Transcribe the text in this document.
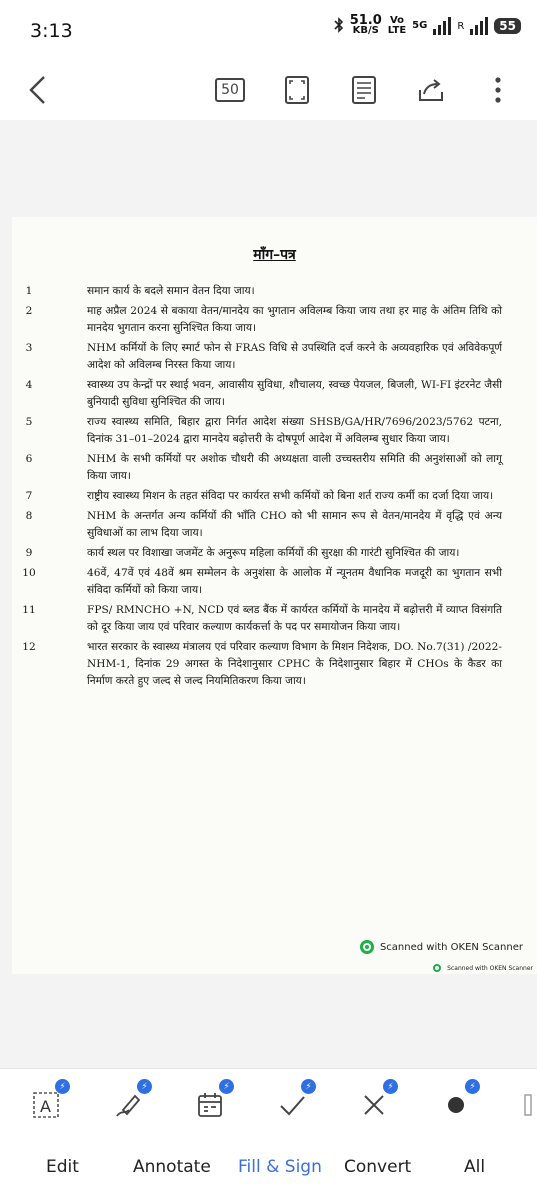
3:13	51.0
KB/S
Vo
LTE 5G	R	55
50
माँग–पत्र
1	समान कार्य के बदले समान वेतन दिया जाय।
2	माह अप्रैल 2024 से बकाया वेतन/मानदेय का भुगतान अविलम्ब किया जाय तथा हर माह के अंतिम तिथि को मानदेय भुगतान करना सुनिश्चित किया जाय।
3	NHM कर्मियों के लिए स्मार्ट फोन से FRAS विधि से उपस्थिति दर्ज करने के अव्यवहारिक एवं अविवेकपूर्ण आदेश को अविलम्ब निरस्त किया जाय।
4	स्वास्थ्य उप केन्द्रों पर स्थाई भवन, आवासीय सुविधा, शौचालय, स्वच्छ पेयजल, बिजली, WI-FI इंटरनेट जैसी बुनियादी सुविधा सुनिश्चित की जाय।
5	राज्य स्वास्थ्य समिति, बिहार द्वारा निर्गत आदेश संख्या SHSB/GA/HR/7696/2023/5762 पटना, दिनांक 31–01–2024 द्वारा मानदेय बढ़ोत्तरी के दोषपूर्ण आदेश में अविलम्ब सुधार किया जाय।
6	NHM के सभी कर्मियों पर अशोक चौधरी की अध्यक्षता वाली उच्चस्तरीय समिति की अनुशंसाओं को लागू किया जाय।
7	राष्ट्रीय स्वास्थ्य मिशन के तहत संविदा पर कार्यरत सभी कर्मियों को बिना शर्त राज्य कर्मी का दर्जा दिया जाय।
8	NHM के अन्तर्गत अन्य कर्मियों की भाँति CHO को भी सामान रूप से वेतन/मानदेय में वृद्धि एवं अन्य सुविधाओं का लाभ दिया जाय।
9	कार्य स्थल पर विशाखा जजमेंट के अनुरूप महिला कर्मियों की सुरक्षा की गारंटी सुनिश्चित की जाय।
10	46वें, 47वें एवं 48वें श्रम सम्मेलन के अनुशंसा के आलोक में न्यूनतम वैधानिक मजदूरी का भुगतान सभी संविदा कर्मियों को किया जाय।
11	FPS/ RMNCHO +N, NCD एवं ब्लड बैंक में कार्यरत कर्मियों के मानदेय में बढ़ोत्तरी में व्याप्त विसंगति को दूर किया जाय एवं परिवार कल्याण कार्यकर्त्ता के पद पर समायोजन किया जाय।
12	भारत सरकार के स्वास्थ्य मंत्रालय एवं परिवार कल्याण विभाग के मिशन निदेशक, DO. No.7(31) /2022- NHM-1, दिनांक 29 अगस्त के निदेशानुसार CPHC के निदेशानुसार बिहार में CHOs के कैडर का निर्माण करते हुए जल्द से जल्द नियमितिकरण किया जाय।
Scanned with OKEN Scanner
Scanned with OKEN Scanner
A
⚡	⚡	⚡	⚡	⚡	⚡
Edit	Annotate Fill & Sign Convert	All
